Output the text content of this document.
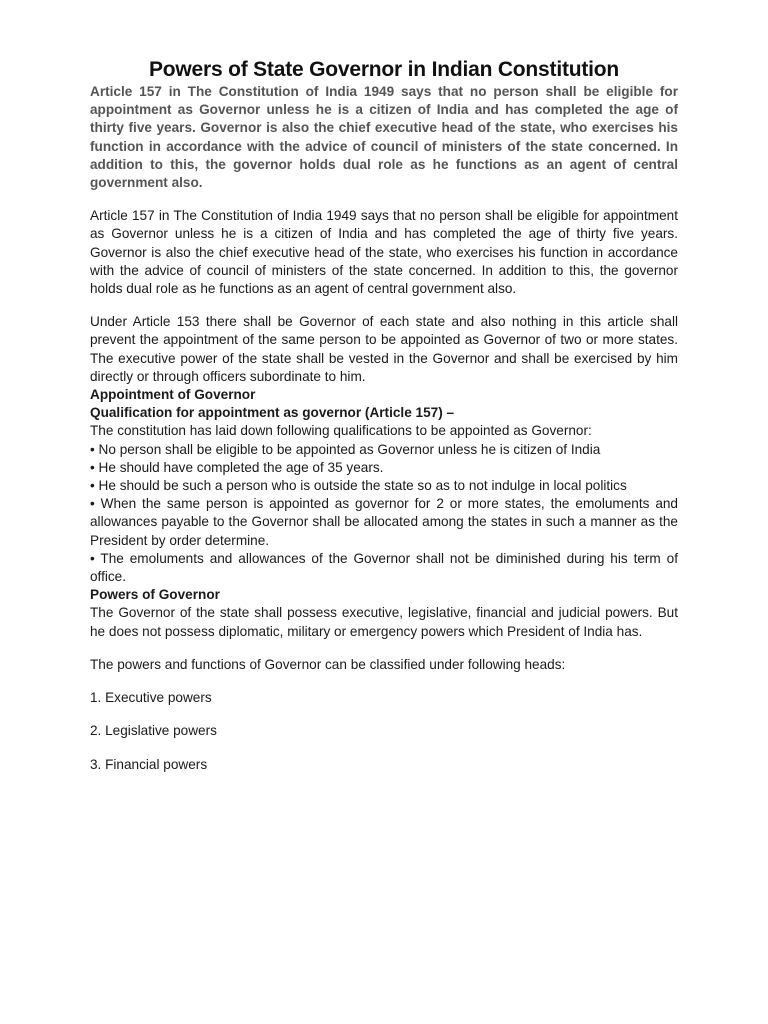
Powers of State Governor in Indian Constitution

Article 157 in The Constitution of India 1949 says that no person shall be eligible for appointment as Governor unless he is a citizen of India and has completed the age of thirty five years. Governor is also the chief executive head of the state, who exercises his function in accordance with the advice of council of ministers of the state concerned. In addition to this, the governor holds dual role as he functions as an agent of central government also.

Article 157 in The Constitution of India 1949 says that no person shall be eligible for appointment as Governor unless he is a citizen of India and has completed the age of thirty five years. Governor is also the chief executive head of the state, who exercises his function in accordance with the advice of council of ministers of the state concerned. In addition to this, the governor holds dual role as he functions as an agent of central government also.

Under Article 153 there shall be Governor of each state and also nothing in this article shall prevent the appointment of the same person to be appointed as Governor of two or more states. The executive power of the state shall be vested in the Governor and shall be exercised by him directly or through officers subordinate to him.

Appointment of Governor

Qualification for appointment as governor (Article 157) –

The constitution has laid down following qualifications to be appointed as Governor:

• No person shall be eligible to be appointed as Governor unless he is citizen of India

• He should have completed the age of 35 years.

• He should be such a person who is outside the state so as to not indulge in local politics

• When the same person is appointed as governor for 2 or more states, the emoluments and allowances payable to the Governor shall be allocated among the states in such a manner as the President by order determine.

• The emoluments and allowances of the Governor shall not be diminished during his term of office.

Powers of Governor

The Governor of the state shall possess executive, legislative, financial and judicial powers. But he does not possess diplomatic, military or emergency powers which President of India has.

The powers and functions of Governor can be classified under following heads:

1. Executive powers

2. Legislative powers

3. Financial powers
